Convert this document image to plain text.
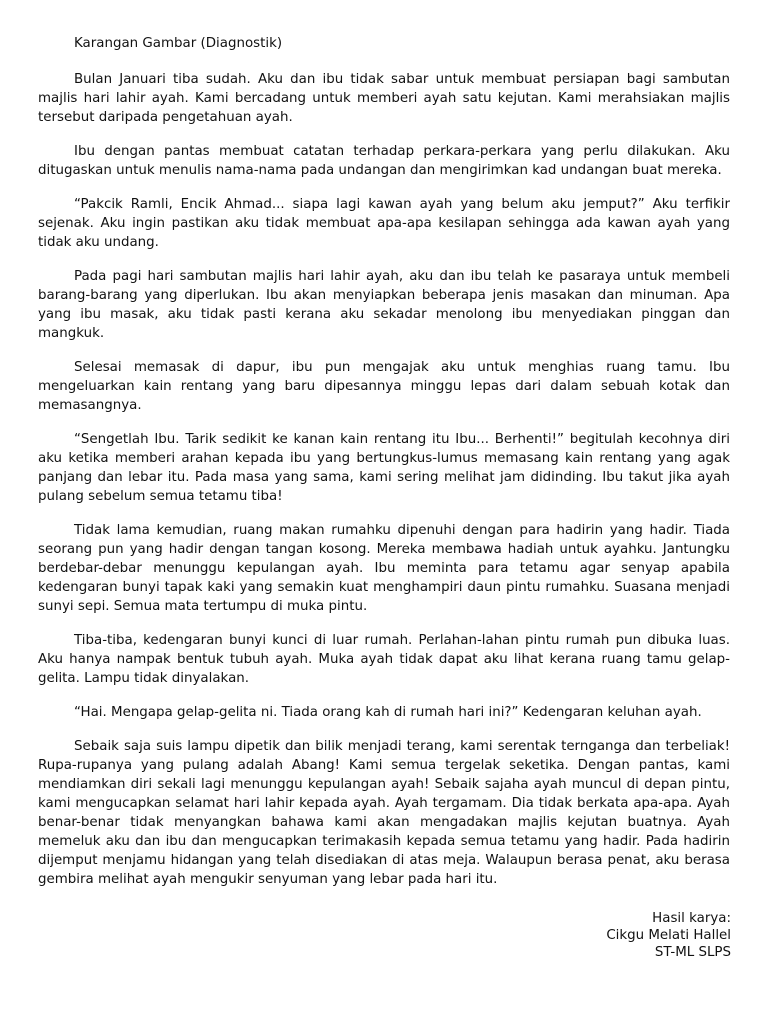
Karangan Gambar (Diagnostik)

Bulan Januari tiba sudah. Aku dan ibu tidak sabar untuk membuat persiapan bagi sambutan majlis hari lahir ayah. Kami bercadang untuk memberi ayah satu kejutan. Kami merahsiakan majlis tersebut daripada pengetahuan ayah.

Ibu dengan pantas membuat catatan terhadap perkara-perkara yang perlu dilakukan. Aku ditugaskan untuk menulis nama-nama pada undangan dan mengirimkan kad undangan buat mereka.

“Pakcik Ramli, Encik Ahmad... siapa lagi kawan ayah yang belum aku jemput?” Aku terfikir sejenak. Aku ingin pastikan aku tidak membuat apa-apa kesilapan sehingga ada kawan ayah yang tidak aku undang.

Pada pagi hari sambutan majlis hari lahir ayah, aku dan ibu telah ke pasaraya untuk membeli barang-barang yang diperlukan. Ibu akan menyiapkan beberapa jenis masakan dan minuman. Apa yang ibu masak, aku tidak pasti kerana aku sekadar menolong ibu menyediakan pinggan dan mangkuk.

Selesai memasak di dapur, ibu pun mengajak aku untuk menghias ruang tamu. Ibu mengeluarkan kain rentang yang baru dipesannya minggu lepas dari dalam sebuah kotak dan memasangnya.

“Sengetlah Ibu. Tarik sedikit ke kanan kain rentang itu Ibu... Berhenti!” begitulah kecohnya diri aku ketika memberi arahan kepada ibu yang bertungkus-lumus memasang kain rentang yang agak panjang dan lebar itu. Pada masa yang sama, kami sering melihat jam didinding. Ibu takut jika ayah pulang sebelum semua tetamu tiba!

Tidak lama kemudian, ruang makan rumahku dipenuhi dengan para hadirin yang hadir. Tiada seorang pun yang hadir dengan tangan kosong. Mereka membawa hadiah untuk ayahku. Jantungku berdebar-debar menunggu kepulangan ayah. Ibu meminta para tetamu agar senyap apabila kedengaran bunyi tapak kaki yang semakin kuat menghampiri daun pintu rumahku. Suasana menjadi sunyi sepi. Semua mata tertumpu di muka pintu.

Tiba-tiba, kedengaran bunyi kunci di luar rumah. Perlahan-lahan pintu rumah pun dibuka luas. Aku hanya nampak bentuk tubuh ayah. Muka ayah tidak dapat aku lihat kerana ruang tamu gelap-gelita. Lampu tidak dinyalakan.

“Hai. Mengapa gelap-gelita ni. Tiada orang kah di rumah hari ini?” Kedengaran keluhan ayah.

Sebaik saja suis lampu dipetik dan bilik menjadi terang, kami serentak ternganga dan terbeliak! Rupa-rupanya yang pulang adalah Abang! Kami semua tergelak seketika. Dengan pantas, kami mendiamkan diri sekali lagi menunggu kepulangan ayah! Sebaik sajaha ayah muncul di depan pintu, kami mengucapkan selamat hari lahir kepada ayah. Ayah tergamam. Dia tidak berkata apa-apa. Ayah benar-benar tidak menyangkan bahawa kami akan mengadakan majlis kejutan buatnya. Ayah memeluk aku dan ibu dan mengucapkan terimakasih kepada semua tetamu yang hadir. Pada hadirin dijemput menjamu hidangan yang telah disediakan di atas meja. Walaupun berasa penat, aku berasa gembira melihat ayah mengukir senyuman yang lebar pada hari itu.

Hasil karya:
Cikgu Melati Hallel
ST-ML SLPS
